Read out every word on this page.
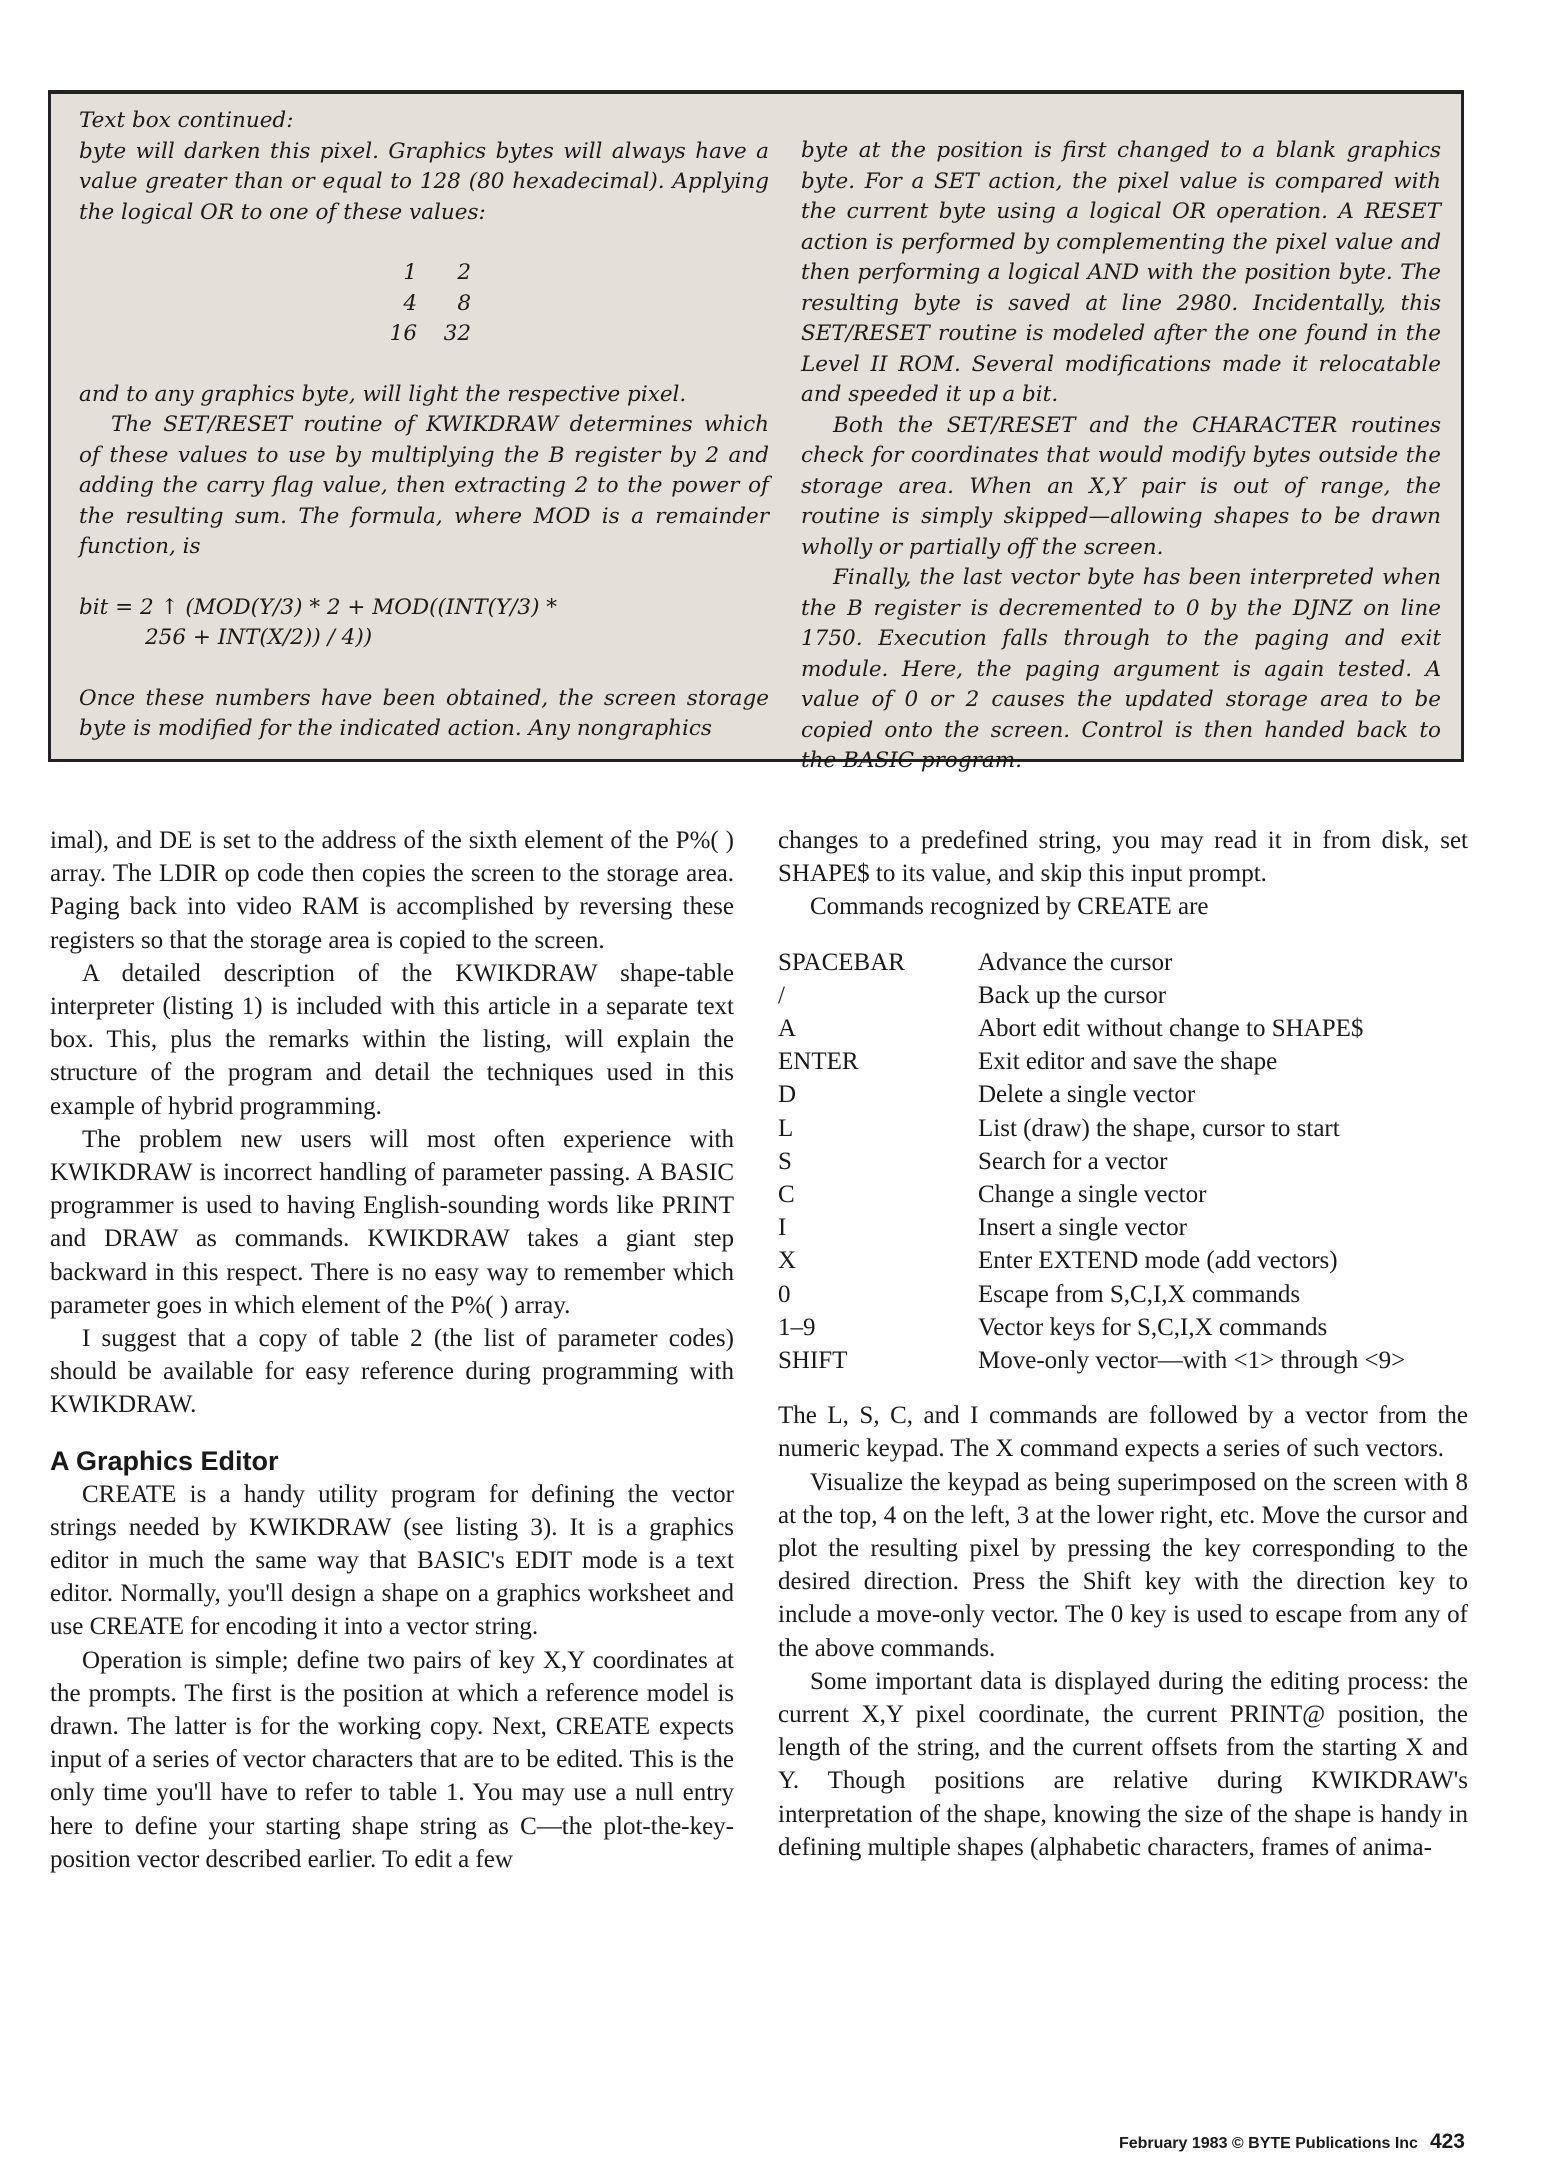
Text box continued:

byte will darken this pixel. Graphics bytes will always have a value greater than or equal to 128 (80 hexadecimal). Applying the logical OR to one of these values:

1	2
4	8
16	32

and to any graphics byte, will light the respective pixel.

The SET/RESET routine of KWIKDRAW determines which of these values to use by multiplying the B register by 2 and adding the carry flag value, then extracting 2 to the power of the resulting sum. The formula, where MOD is a remainder function, is

bit = 2 ↑ (MOD(Y/3) * 2 + MOD((INT(Y/3) *
256 + INT(X/2)) / 4))

Once these numbers have been obtained, the screen storage byte is modified for the indicated action. Any nongraphics

byte at the position is first changed to a blank graphics byte. For a SET action, the pixel value is compared with the current byte using a logical OR operation. A RESET action is performed by complementing the pixel value and then performing a logical AND with the position byte. The resulting byte is saved at line 2980. Incidentally, this SET/RESET routine is modeled after the one found in the Level II ROM. Several modifications made it relocatable and speeded it up a bit.

Both the SET/RESET and the CHARACTER routines check for coordinates that would modify bytes outside the storage area. When an X,Y pair is out of range, the routine is simply skipped—allowing shapes to be drawn wholly or partially off the screen.

Finally, the last vector byte has been interpreted when the B register is decremented to 0 by the DJNZ on line 1750. Execution falls through to the paging and exit module. Here, the paging argument is again tested. A value of 0 or 2 causes the updated storage area to be copied onto the screen. Control is then handed back to the BASIC program.

imal), and DE is set to the address of the sixth element of the P%( ) array. The LDIR op code then copies the screen to the storage area. Paging back into video RAM is accomplished by reversing these registers so that the storage area is copied to the screen.

A detailed description of the KWIKDRAW shape-table interpreter (listing 1) is included with this article in a separate text box. This, plus the remarks within the listing, will explain the structure of the program and detail the techniques used in this example of hybrid programming.

The problem new users will most often experience with KWIKDRAW is incorrect handling of parameter passing. A BASIC programmer is used to having English-sounding words like PRINT and DRAW as commands. KWIKDRAW takes a giant step backward in this respect. There is no easy way to remember which parameter goes in which element of the P%( ) array.

I suggest that a copy of table 2 (the list of parameter codes) should be available for easy reference during programming with KWIKDRAW.

A Graphics Editor

CREATE is a handy utility program for defining the vector strings needed by KWIKDRAW (see listing 3). It is a graphics editor in much the same way that BASIC's EDIT mode is a text editor. Normally, you'll design a shape on a graphics worksheet and use CREATE for encoding it into a vector string.

Operation is simple; define two pairs of key X,Y coordinates at the prompts. The first is the position at which a reference model is drawn. The latter is for the working copy. Next, CREATE expects input of a series of vector characters that are to be edited. This is the only time you'll have to refer to table 1. You may use a null entry here to define your starting shape string as C—the plot-the-key-position vector described earlier. To edit a few

changes to a predefined string, you may read it in from disk, set SHAPE$ to its value, and skip this input prompt.

Commands recognized by CREATE are

SPACEBAR	Advance the cursor
/	Back up the cursor
A	Abort edit without change to SHAPE$
ENTER	Exit editor and save the shape
D	Delete a single vector
L	List (draw) the shape, cursor to start
S	Search for a vector
C	Change a single vector
I	Insert a single vector
X	Enter EXTEND mode (add vectors)
0	Escape from S,C,I,X commands
1–9	Vector keys for S,C,I,X commands
SHIFT	Move-only vector—with <1> through <9>

The L, S, C, and I commands are followed by a vector from the numeric keypad. The X command expects a series of such vectors.

Visualize the keypad as being superimposed on the screen with 8 at the top, 4 on the left, 3 at the lower right, etc. Move the cursor and plot the resulting pixel by pressing the key corresponding to the desired direction. Press the Shift key with the direction key to include a move-only vector. The 0 key is used to escape from any of the above commands.

Some important data is displayed during the editing process: the current X,Y pixel coordinate, the current PRINT@ position, the length of the string, and the current offsets from the starting X and Y. Though positions are relative during KWIKDRAW's interpretation of the shape, knowing the size of the shape is handy in defining multiple shapes (alphabetic characters, frames of anima-

February 1983 © BYTE Publications Inc 423
